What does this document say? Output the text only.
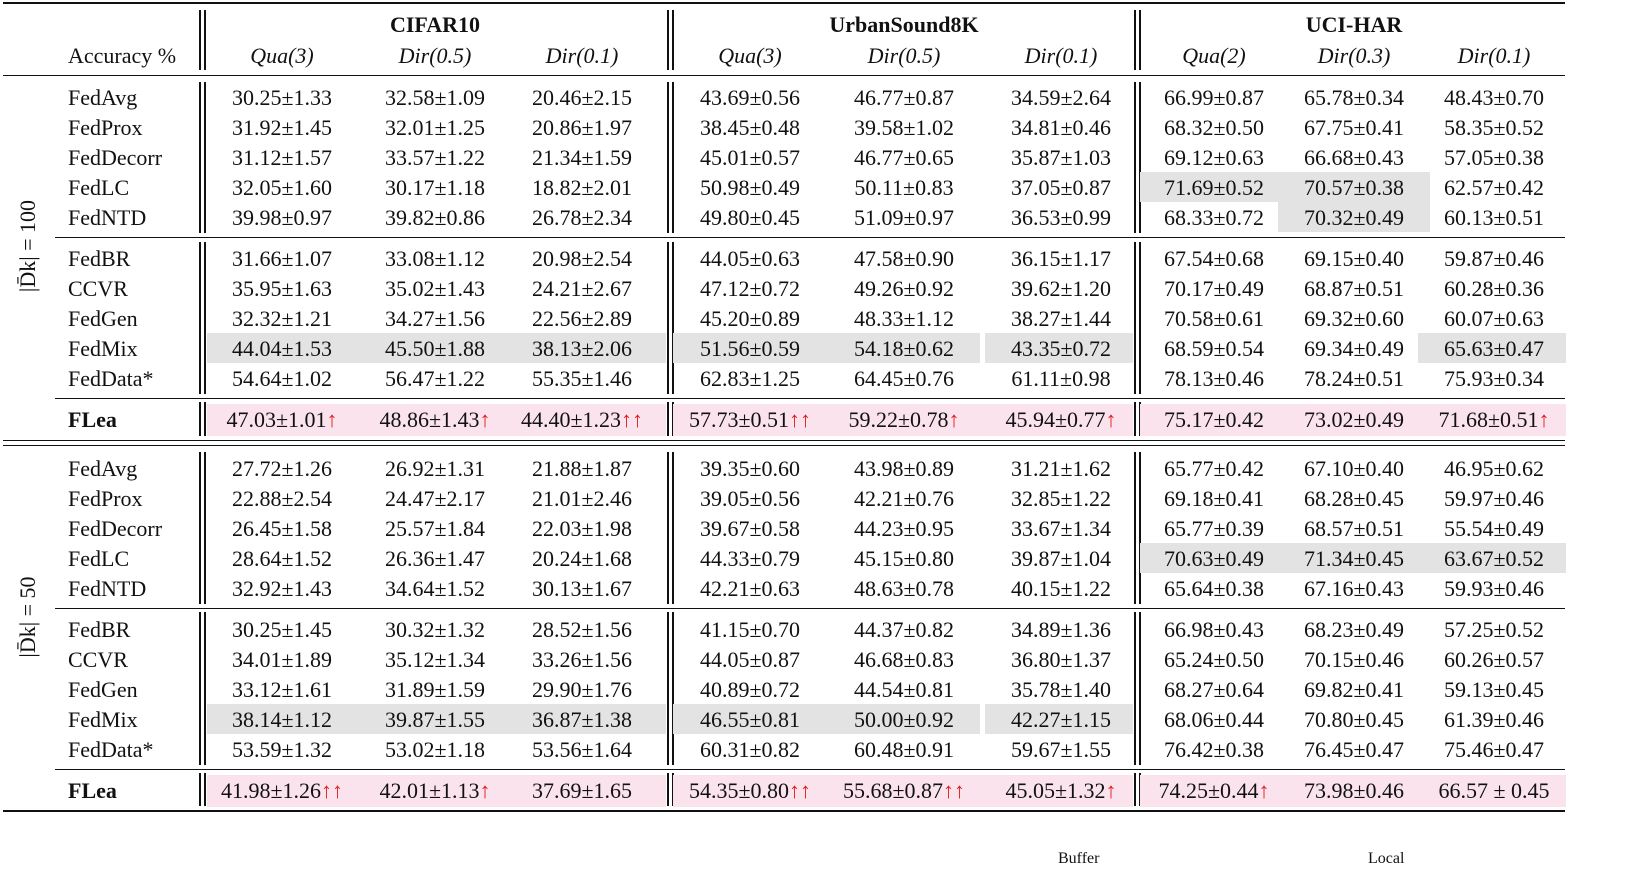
Accuracy %
CIFAR10	UrbanSound8K	UCI-HAR
Qua(3)	Dir(0.5)	Dir(0.1)	Qua(3)	Dir(0.5)	Dir(0.1)	Qua(2)	Dir(0.3)	Dir(0.1)
|D̄k| = 100
FedAvg	30.25±1.33	32.58±1.09	20.46±2.15	43.69±0.56	46.77±0.87	34.59±2.64	66.99±0.87	65.78±0.34	48.43±0.70
FedProx	31.92±1.45	32.01±1.25	20.86±1.97	38.45±0.48	39.58±1.02	34.81±0.46	68.32±0.50	67.75±0.41	58.35±0.52
FedDecorr	31.12±1.57	33.57±1.22	21.34±1.59	45.01±0.57	46.77±0.65	35.87±1.03	69.12±0.63	66.68±0.43	57.05±0.38
FedLC	32.05±1.60	30.17±1.18	18.82±2.01	50.98±0.49	50.11±0.83	37.05±0.87	71.69±0.52	70.57±0.38	62.57±0.42
FedNTD	39.98±0.97	39.82±0.86	26.78±2.34	49.80±0.45	51.09±0.97	36.53±0.99	68.33±0.72	70.32±0.49	60.13±0.51
FedBR	31.66±1.07	33.08±1.12	20.98±2.54	44.05±0.63	47.58±0.90	36.15±1.17	67.54±0.68	69.15±0.40	59.87±0.46
CCVR	35.95±1.63	35.02±1.43	24.21±2.67	47.12±0.72	49.26±0.92	39.62±1.20	70.17±0.49	68.87±0.51	60.28±0.36
FedGen	32.32±1.21	34.27±1.56	22.56±2.89	45.20±0.89	48.33±1.12	38.27±1.44	70.58±0.61	69.32±0.60	60.07±0.63
FedMix	44.04±1.53	45.50±1.88	38.13±2.06	51.56±0.59	54.18±0.62	43.35±0.72	68.59±0.54	69.34±0.49	65.63±0.47
FedData*	54.64±1.02	56.47±1.22	55.35±1.46	62.83±1.25	64.45±0.76	61.11±0.98	78.13±0.46	78.24±0.51	75.93±0.34
FLea	47.03±1.01↑	48.86±1.43↑	44.40±1.23↑↑	57.73±0.51↑↑	59.22±0.78↑	45.94±0.77↑	75.17±0.42	73.02±0.49	71.68±0.51↑
|D̄k| = 50
FedAvg	27.72±1.26	26.92±1.31	21.88±1.87	39.35±0.60	43.98±0.89	31.21±1.62	65.77±0.42	67.10±0.40	46.95±0.62
FedProx	22.88±2.54	24.47±2.17	21.01±2.46	39.05±0.56	42.21±0.76	32.85±1.22	69.18±0.41	68.28±0.45	59.97±0.46
FedDecorr	26.45±1.58	25.57±1.84	22.03±1.98	39.67±0.58	44.23±0.95	33.67±1.34	65.77±0.39	68.57±0.51	55.54±0.49
FedLC	28.64±1.52	26.36±1.47	20.24±1.68	44.33±0.79	45.15±0.80	39.87±1.04	70.63±0.49	71.34±0.45	63.67±0.52
FedNTD	32.92±1.43	34.64±1.52	30.13±1.67	42.21±0.63	48.63±0.78	40.15±1.22	65.64±0.38	67.16±0.43	59.93±0.46
FedBR	30.25±1.45	30.32±1.32	28.52±1.56	41.15±0.70	44.37±0.82	34.89±1.36	66.98±0.43	68.23±0.49	57.25±0.52
CCVR	34.01±1.89	35.12±1.34	33.26±1.56	44.05±0.87	46.68±0.83	36.80±1.37	65.24±0.50	70.15±0.46	60.26±0.57
FedGen	33.12±1.61	31.89±1.59	29.90±1.76	40.89±0.72	44.54±0.81	35.78±1.40	68.27±0.64	69.82±0.41	59.13±0.45
FedMix	38.14±1.12	39.87±1.55	36.87±1.38	46.55±0.81	50.00±0.92	42.27±1.15	68.06±0.44	70.80±0.45	61.39±0.46
FedData*	53.59±1.32	53.02±1.18	53.56±1.64	60.31±0.82	60.48±0.91	59.67±1.55	76.42±0.38	76.45±0.47	75.46±0.47
FLea	41.98±1.26↑↑	42.01±1.13↑	37.69±1.65	54.35±0.80↑↑	55.68±0.87↑↑	45.05±1.32↑	74.25±0.44↑	73.98±0.46	66.57 ± 0.45
Buffer	Local
